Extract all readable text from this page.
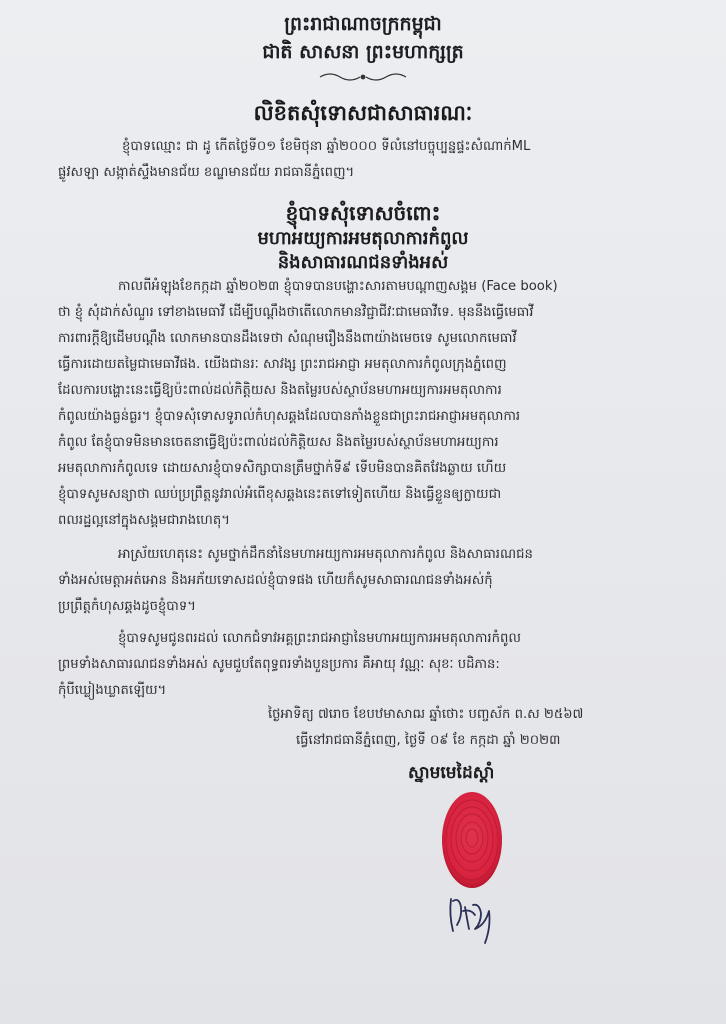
ព្រះរាជាណាចក្រកម្ពុជា
ជាតិ សាសនា ព្រះមហាក្សត្រ
លិខិតសុំទោសជាសាធារណៈ
ខ្ញុំបាទឈ្មោះ ជា ដូ កើតថ្ងៃទី០១ ខែមិថុនា ឆ្នាំ២០០០ ទីលំនៅបច្ចុប្បន្នផ្ទះសំណាក់ML
ផ្លូវសឡា សង្កាត់ស្ទឹងមានជ័យ ខណ្ឌមានជ័យ រាជធានីភ្នំពេញ។
ខ្ញុំបាទសុំទោសចំពោះ
មហាអយ្យការអមតុលាការកំពូល
និងសាធារណជនទាំងអស់
កាលពីអំឡុងខែកក្កដា ឆ្នាំ២០២៣ ខ្ញុំបាទបានបង្ហោះសារតាមបណ្ដាញសង្គម (Face book)
ថា ខ្ញុំ សុំដាក់សំណួរ ទៅខាងមេធាវី ដើម្បីបណ្ដឹងថាតើលោកមានវិជ្ជាជីវៈជាមេធាវីទេ. មុននឹងធ្វើមេធាវី
ការពារក្ដីឱ្យដើមបណ្ដឹង លោកមានបានដឹងទេថា សំណុមរឿងនឹងពាយ៉ាងមេចទេ សូមលោកមេធាវី
ធ្វើការដោយតម្លៃជាមេធាវីផង. យើងជានរៈ សាវង្ស ព្រះរាជអាជ្ញា អមតុលាការកំពូលក្រុងភ្នំពេញ
ដែលការបង្ហោះនេះធ្វើឱ្យប៉ះពាល់ដល់កិត្តិយស និងតម្លៃរបស់ស្ថាប័នមហាអយ្យការអមតុលាការ
កំពូលយ៉ាងធ្ងន់ធ្ងរ។ ខ្ញុំបាទសុំទោសទូរាល់កំហុសឆ្គងដែលបានភាំងខ្លួនជាព្រះរាជអាជ្ញាអមតុលាការ
កំពូល តែខ្ញុំបាទមិនមានចេតនាធ្វើឱ្យប៉ះពាល់ដល់កិត្តិយស និងតម្លៃរបស់ស្ថាប័នមហាអយ្យការ
អមតុលាការកំពូលទេ ដោយសារខ្ញុំបាទសិក្សាបានត្រឹមថ្នាក់ទី៩ ទើបមិនបានគិតវែងឆ្ងាយ ហើយ
ខ្ញុំបាទសូមសន្យាថា ឈប់ប្រព្រឹត្តនូវរាល់អំពើខុសឆ្គងនេះតទៅទៀតហើយ និងធ្វើខ្លួនឲ្យក្លាយជា
ពលរដ្ឋល្អនៅក្នុងសង្គមជារាងហេតុ។
អាស្រ័យហេតុនេះ សូមថ្នាក់ដឹកនាំនៃមហាអយ្យការអមតុលាការកំពូល និងសាធារណជន
ទាំងអស់មេត្តាអត់អោន និងអភ័យទោសដល់ខ្ញុំបាទផង ហើយក៏សូមសាធារណជនទាំងអស់កុំ
ប្រព្រឹត្តកំហុសឆ្គងដូចខ្ញុំបាទ។
ខ្ញុំបាទសូមជូនពរដល់ លោកជំទាវអគ្គព្រះរាជអាជ្ញានៃមហាអយ្យការអមតុលាការកំពូល
ព្រមទាំងសាធារណជនទាំងអស់ សូមជួបតែពុទ្ធពរទាំងបួនប្រការ គឺអាយុ វណ្ណៈ សុខៈ បដិភាន:
កុំបីឃ្លៀងឃ្លាតឡើយ។
ថ្ងៃអាទិត្យ ៧រោច ខែបឋមាសាឍ ឆ្នាំថោះ បញ្ចស័ក ព.ស ២៥៦៧
ធ្វើនៅរាជធានីភ្នំពេញ, ថ្ងៃទី ០៩ ខែ កក្កដា ឆ្នាំ ២០២៣
ស្នាមមេដៃស្ដាំ
